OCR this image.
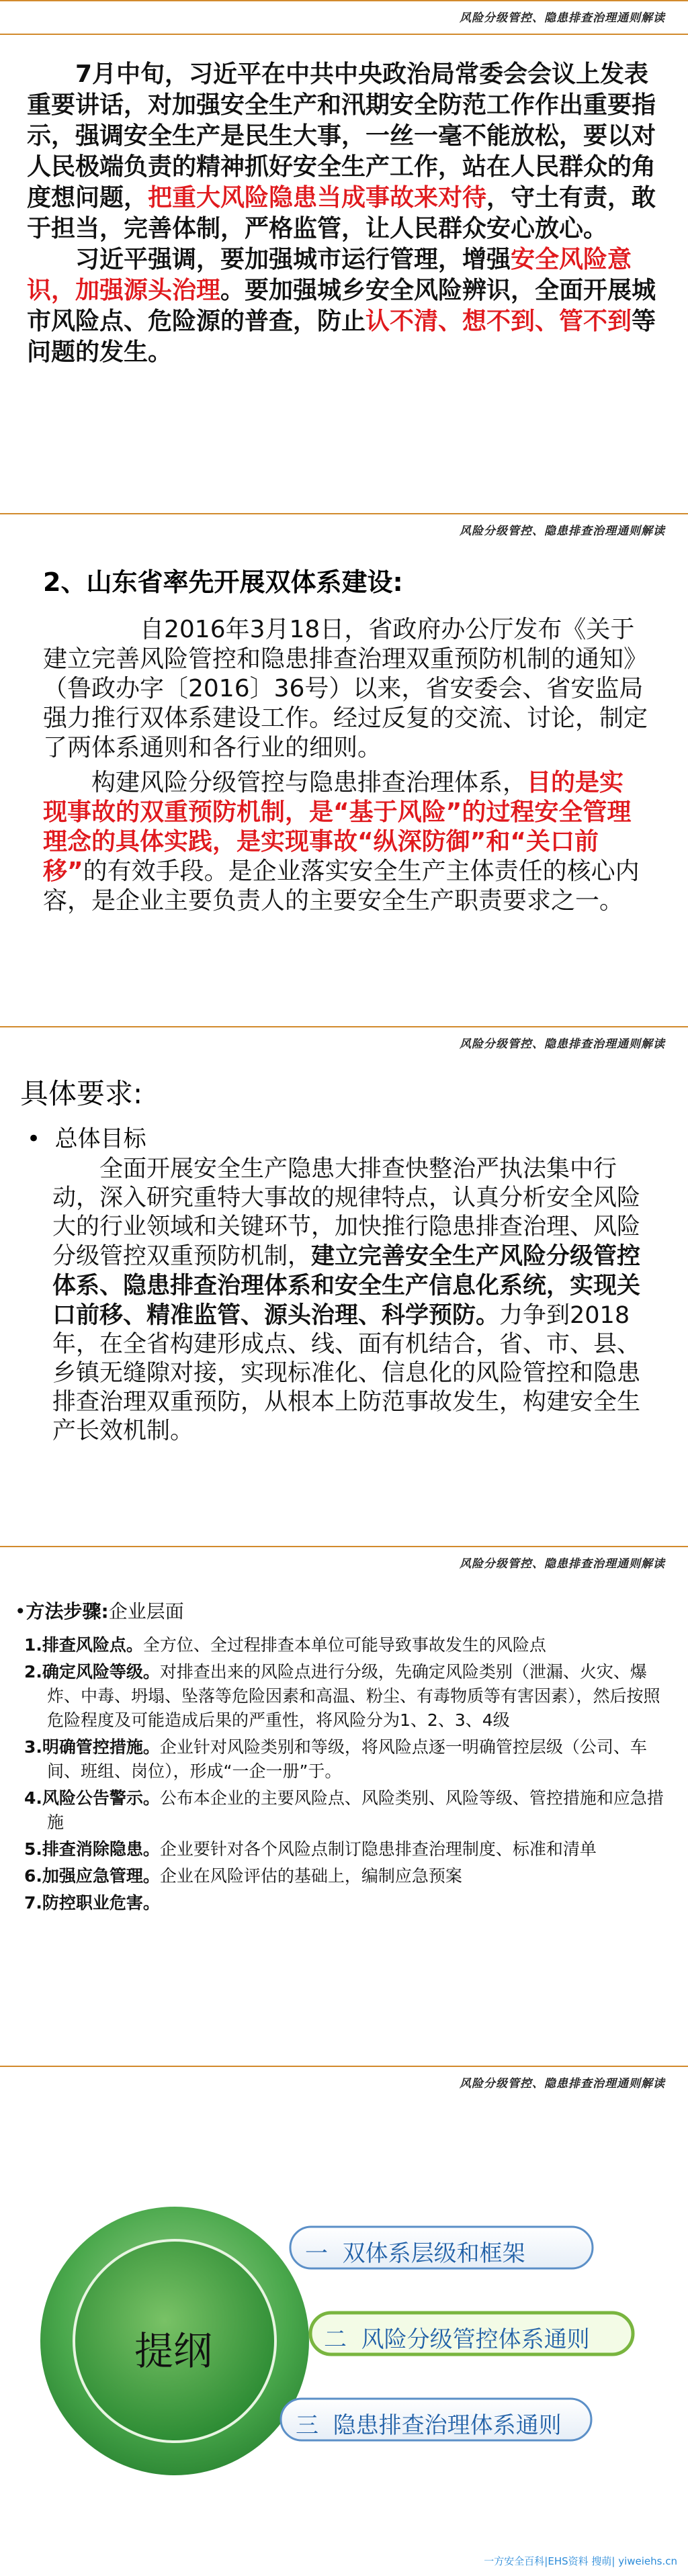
7月中旬，习近平在中共中央政治局常委会会议上发表重要讲话，对加强安全生产和汛期安全防范工作作出重要指示，强调安全生产是民生大事，一丝一毫不能放松，要以对人民极端负责的精神抓好安全生产工作，站在人民群众的角度想问题，把重大风险隐患当成事故来对待，守土有责，敢于担当，完善体制，严格监管，让人民群众安心放心。

习近平强调，要加强城市运行管理，增强安全风险意识，加强源头治理。要加强城乡安全风险辨识，全面开展城市风险点、危险源的普查，防止认不清、想不到、管不到等问题的发生。

风险分级管控、隐患排查治理通则解读
风险分级管控、隐患排查治理通则解读
2、山东省率先开展双体系建设:

自2016年3月18日，省政府办公厅发布《关于建立完善风险管控和隐患排查治理双重预防机制的通知》（鲁政办字〔2016〕36号）以来，省安委会、省安监局强力推行双体系建设工作。经过反复的交流、讨论，制定了两体系通则和各行业的细则。

构建风险分级管控与隐患排查治理体系，目的是实现事故的双重预防机制，是“基于风险”的过程安全管理理念的具体实践，是实现事故“纵深防御”和“关口前移”的有效手段。是企业落实安全生产主体责任的核心内容，是企业主要负责人的主要安全生产职责要求之一。

风险分级管控、隐患排查治理通则解读
具体要求:
•  总体目标

全面开展安全生产隐患大排查快整治严执法集中行动，深入研究重特大事故的规律特点，认真分析安全风险大的行业领域和关键环节，加快推行隐患排查治理、风险分级管控双重预防机制，建立完善安全生产风险分级管控体系、隐患排查治理体系和安全生产信息化系统，实现关口前移、精准监管、源头治理、科学预防。力争到2018年，在全省构建形成点、线、面有机结合，省、市、县、乡镇无缝隙对接，实现标准化、信息化的风险管控和隐患排查治理双重预防，从根本上防范事故发生，构建安全生产长效机制。

风险分级管控、隐患排查治理通则解读
•方法步骤:企业层面
1.排查风险点。全方位、全过程排查本单位可能导致事故发生的风险点
2.确定风险等级。对排查出来的风险点进行分级，先确定风险类别（泄漏、火灾、爆炸、中毒、坍塌、坠落等危险因素和高温、粉尘、有毒物质等有害因素），然后按照危险程度及可能造成后果的严重性，将风险分为1、2、3、4级
3.明确管控措施。企业针对风险类别和等级，将风险点逐一明确管控层级（公司、车间、班组、岗位），形成“一企一册”于。
4.风险公告警示。公布本企业的主要风险点、风险类别、风险等级、管控措施和应急措施
5.排查消除隐患。企业要针对各个风险点制订隐患排查治理制度、标准和清单
6.加强应急管理。企业在风险评估的基础上，编制应急预案
7.防控职业危害。
风险分级管控、隐患排查治理通则解读
提纲
一  双体系层级和框架
二  风险分级管控体系通则
三  隐患排查治理体系通则
一方安全百科|EHS资料 搜萌| yiweiehs.cn
